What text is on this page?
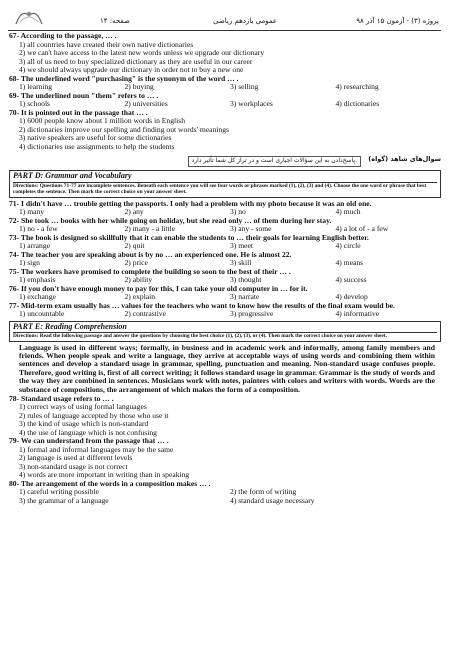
صفحه: ۱۴	عمومی یازدهم ریاضی	پروژه (۳) - آزمون ۱۵ آذر ۹۸
67- According to the passage, … .
1) all countries have created their own native dictionaries
2) we can't have access to the latest new words unless we upgrade our dictionary
3) all of us need to buy specialized dictionary as they are useful in our career
4) we should always upgrade our dictionary in order not to buy a new one
68- The underlined word "purchasing" is the synonym of the word … .
1) learning	2) buying	3) selling	4) researching
69- The underlined noun "them" refers to … .
1) schools	2) universities	3) workplaces	4) dictionaries
70- It is pointed out in the passage that … .
1) 6000 people know about 1 million words in English
2) dictionaries improve our spelling and finding out words' meanings
3) native speakers are useful for some dictionaries
4) dictionaries use assignments to help the students
پاسخ‌دادن به این سؤالات اجباری است و در تراز کل شما تأثیر دارد.	سوال‌های شاهد (گواه)
PART D: Grammar and Vocabulary
Directions: Questions 71-77 are incomplete sentences. Beneath each sentence you will see four words or phrases marked (1), (2), (3) and (4). Choose the one word or phrase that best completes the sentence. Then mark the correct choice on your answer sheet.
71- I didn't have … trouble getting the passports. I only had a problem with my photo because it was an old one.
1) many	2) any	3) no	4) much
72- She took … books with her while going on holiday, but she read only … of them during her stay.
1) no - a few	2) many - a little	3) any - some	4) a lot of - a few
73- The book is designed so skillfully that it can enable the students to … their goals for learning English better.
1) arrange	2) quit	3) meet	4) circle
74- The teacher you are speaking about is by no … an experienced one. He is almost 22.
1) sign	2) price	3) skill	4) means
75- The workers have promised to complete the building so soon to the best of their … .
1) emphasis	2) ability	3) thought	4) success
76- If you don't have enough money to pay for this, I can take your old computer in … for it.
1) exchange	2) explain	3) narrate	4) develop
77- Mid-term exam usually has … values for the teachers who want to know how the results of the final exam would be.
1) uncountable	2) contrastive	3) progressive	4) informative
PART E: Reading Comprehension
Directions: Read the following passage and answer the questions by choosing the best choice (1), (2), (3), or (4). Then mark the correct choice on your answer sheet.
Language is used in different ways; formally, in business and in academic work and informally, among family members and friends. When people speak and write a language, they arrive at acceptable ways of using words and combining them within sentences and develop a standard usage in grammar, spelling, punctuation and meaning. Non-standard usage confuses people. Therefore, good writing is, first of all correct writing; it follows standard usage in grammar. Grammar is the study of words and the way they are combined in sentences. Musicians work with notes, painters with colors and writers with words. Words are the substance of compositions, the arrangement of which makes the form of a composition.
78- Standard usage refers to … .
1) correct ways of using formal languages
2) rules of language accepted by those who use it
3) the kind of usage which is non-standard
4) the use of language which is not confusing
79- We can understand from the passage that … .
1) formal and informal languages may be the same
2) language is used at different levels
3) non-standard usage is not correct
4) words are more important in writing than in speaking
80- The arrangement of the words in a composition makes … .
1) careful writing possible	2) the form of writing
3) the grammar of a language	4) standard usage necessary
